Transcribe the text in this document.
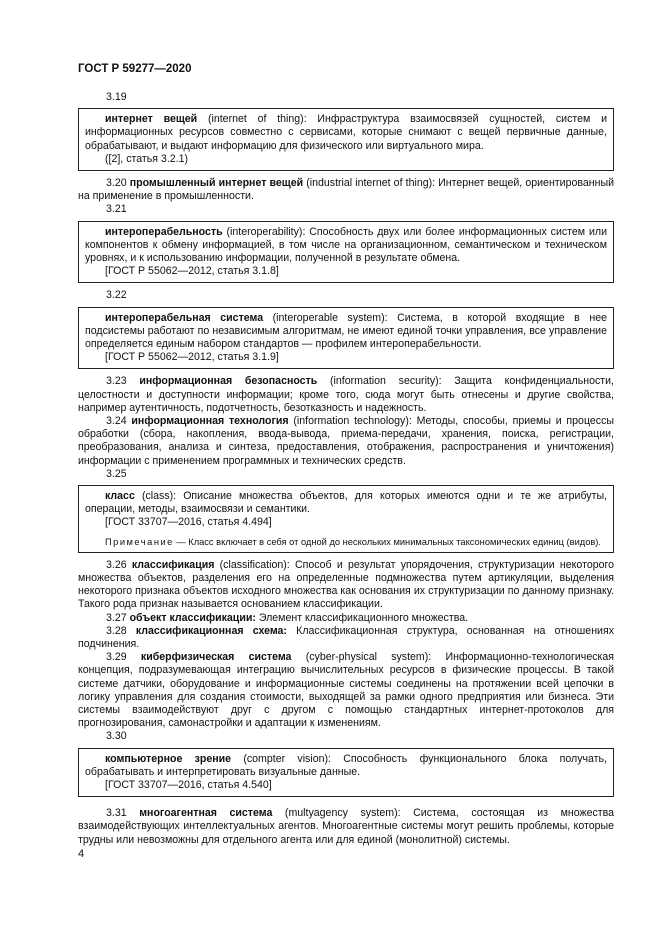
ГОСТ Р 59277—2020

3.19

интернет вещей (internet of thing): Инфраструктура взаимосвязей сущностей, систем и информационных ресурсов совместно с сервисами, которые снимают с вещей первичные данные, обрабатывают, и выдают информацию для физического или виртуального мира.

([2], статья 3.2.1)

3.20 промышленный интернет вещей (industrial internet of thing): Интернет вещей, ориентированный на применение в промышленности.

3.21

интероперабельность (interoperability): Способность двух или более информационных систем или компонентов к обмену информацией, в том числе на организационном, семантическом и техническом уровнях, и к использованию информации, полученной в результате обмена.

[ГОСТ Р 55062—2012, статья 3.1.8]

3.22

интероперабельная система (interoperable system): Система, в которой входящие в нее подсистемы работают по независимым алгоритмам, не имеют единой точки управления, все управление определяется единым набором стандартов — профилем интероперабельности.

[ГОСТ Р 55062—2012, статья 3.1.9]

3.23 информационная безопасность (information security): Защита конфиденциальности, целостности и доступности информации; кроме того, сюда могут быть отнесены и другие свойства, например аутентичность, подотчетность, безотказность и надежность.

3.24 информационная технология (information technology): Методы, способы, приемы и процессы обработки (сбора, накопления, ввода-вывода, приема-передачи, хранения, поиска, регистрации, преобразования, анализа и синтеза, предоставления, отображения, распространения и уничтожения) информации с применением программных и технических средств.

3.25

класс (class): Описание множества объектов, для которых имеются одни и те же атрибуты, операции, методы, взаимосвязи и семантики.

[ГОСТ 33707—2016, статья 4.494]

Примечание — Класс включает в себя от одной до нескольких минимальных таксономических единиц (видов).

3.26 классификация (classification): Способ и результат упорядочения, структуризации некоторого множества объектов, разделения его на определенные подмножества путем артикуляции, выделения некоторого признака объектов исходного множества как основания их структуризации по данному признаку. Такого рода признак называется основанием классификации.

3.27 объект классификации: Элемент классификационного множества.

3.28 классификационная схема: Классификационная структура, основанная на отношениях подчинения.

3.29 киберфизическая система (cyber-physical system): Информационно-технологическая концепция, подразумевающая интеграцию вычислительных ресурсов в физические процессы. В такой системе датчики, оборудование и информационные системы соединены на протяжении всей цепочки в логику управления для создания стоимости, выходящей за рамки одного предприятия или бизнеса. Эти системы взаимодействуют друг с другом с помощью стандартных интернет-протоколов для прогнозирования, самонастройки и адаптации к изменениям.

3.30

компьютерное зрение (compter vision): Способность функционального блока получать, обрабатывать и интерпретировать визуальные данные.

[ГОСТ 33707—2016, статья 4.540]

3.31 многоагентная система (multyagency system): Система, состоящая из множества взаимодействующих интеллектуальных агентов. Многоагентные системы могут решить проблемы, которые трудны или невозможны для отдельного агента или для единой (монолитной) системы.

4
